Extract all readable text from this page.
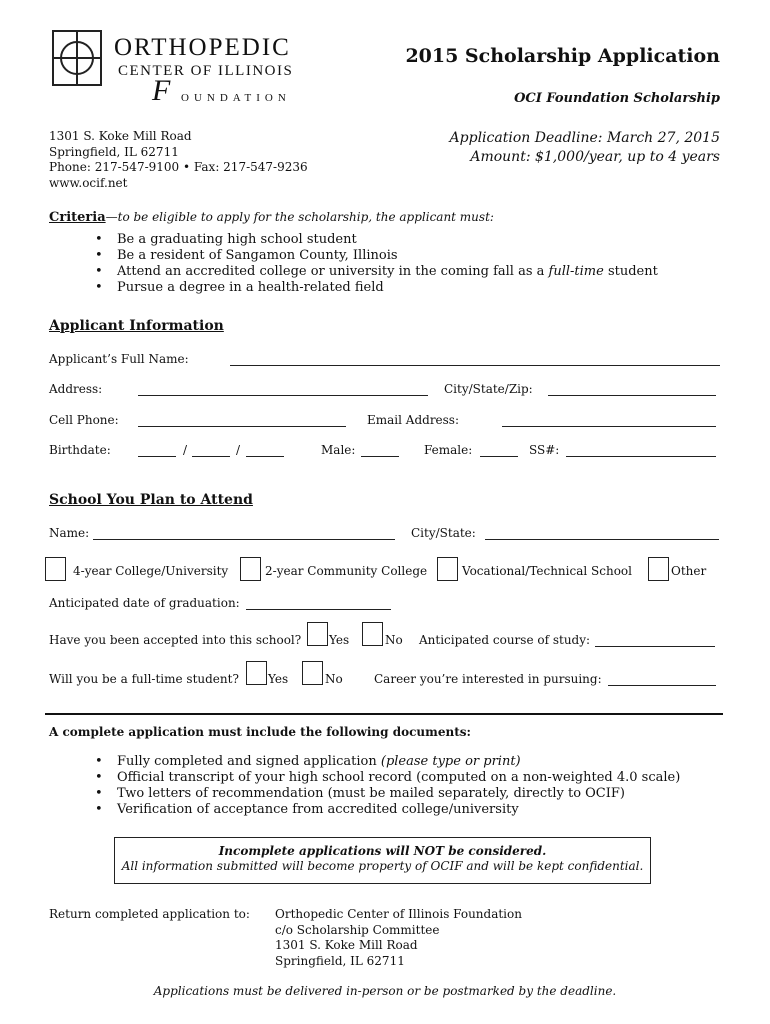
ORTHOPEDIC
CENTER OF ILLINOIS
F OUNDATION
2015 Scholarship Application
OCI Foundation Scholarship
Application Deadline: March 27, 2015
Amount: $1,000/year, up to 4 years
1301 S. Koke Mill Road
Springfield, IL 62711
Phone: 217-547-9100 • Fax: 217-547-9236
www.ocif.net
Criteria—to be eligible to apply for the scholarship, the applicant must:
• Be a graduating high school student
• Be a resident of Sangamon County, Illinois
• Attend an accredited college or university in the coming fall as a full-time student
• Pursue a degree in a health-related field
Applicant Information
Applicant’s Full Name:
Address:	City/State/Zip:
Cell Phone:	Email Address:
Birthdate:	/	/	Male:	Female:	SS#:
School You Plan to Attend
Name:	City/State:
4-year College/University	2-year Community College	Vocational/Technical School	Other
Anticipated date of graduation:
Have you been accepted into this school? Yes	No Anticipated course of study:
Will you be a full-time student? Yes	No	Career you’re interested in pursuing:
A complete application must include the following documents:
• Fully completed and signed application (please type or print)
• Official transcript of your high school record (computed on a non-weighted 4.0 scale)
• Two letters of recommendation (must be mailed separately, directly to OCIF)
• Verification of acceptance from accredited college/university
Incomplete applications will NOT be considered.
All information submitted will become property of OCIF and will be kept confidential.
Return completed application to: Orthopedic Center of Illinois Foundation
c/o Scholarship Committee
1301 S. Koke Mill Road
Springfield, IL 62711
Applications must be delivered in-person or be postmarked by the deadline.
